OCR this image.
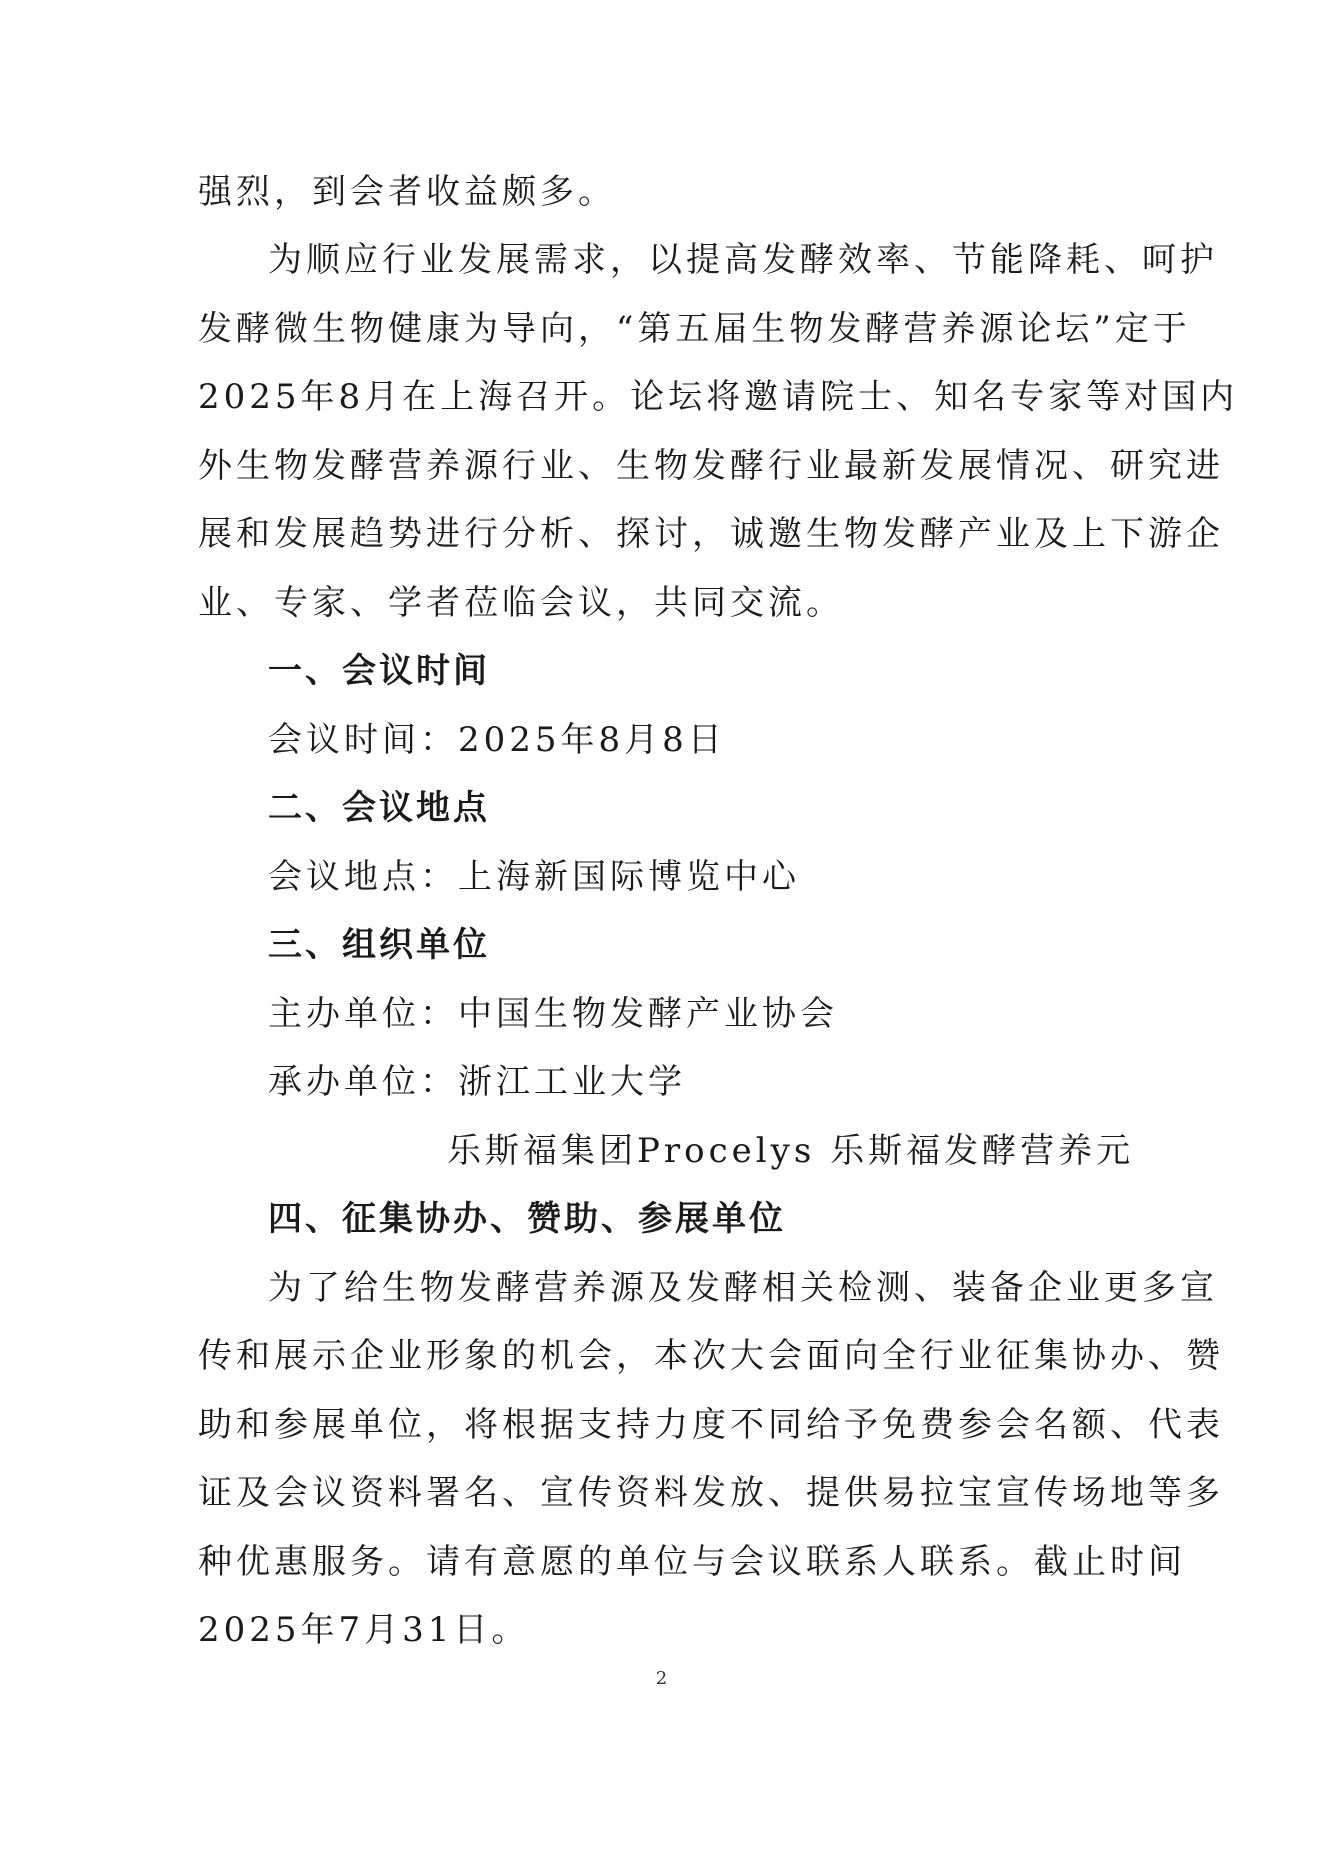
强烈，到会者收益颇多。
为顺应行业发展需求，以提高发酵效率、节能降耗、呵护
发酵微生物健康为导向，“第五届生物发酵营养源论坛”定于
2025年8月在上海召开。论坛将邀请院士、知名专家等对国内
外生物发酵营养源行业、生物发酵行业最新发展情况、研究进
展和发展趋势进行分析、探讨，诚邀生物发酵产业及上下游企
业、专家、学者莅临会议，共同交流。
一、会议时间
会议时间：2025年8月8日
二、会议地点
会议地点：上海新国际博览中心
三、组织单位
主办单位：中国生物发酵产业协会
承办单位：浙江工业大学
乐斯福集团Procelys 乐斯福发酵营养元
四、征集协办、赞助、参展单位
为了给生物发酵营养源及发酵相关检测、装备企业更多宣
传和展示企业形象的机会，本次大会面向全行业征集协办、赞
助和参展单位，将根据支持力度不同给予免费参会名额、代表
证及会议资料署名、宣传资料发放、提供易拉宝宣传场地等多
种优惠服务。请有意愿的单位与会议联系人联系。截止时间
2025年7月31日。
2
